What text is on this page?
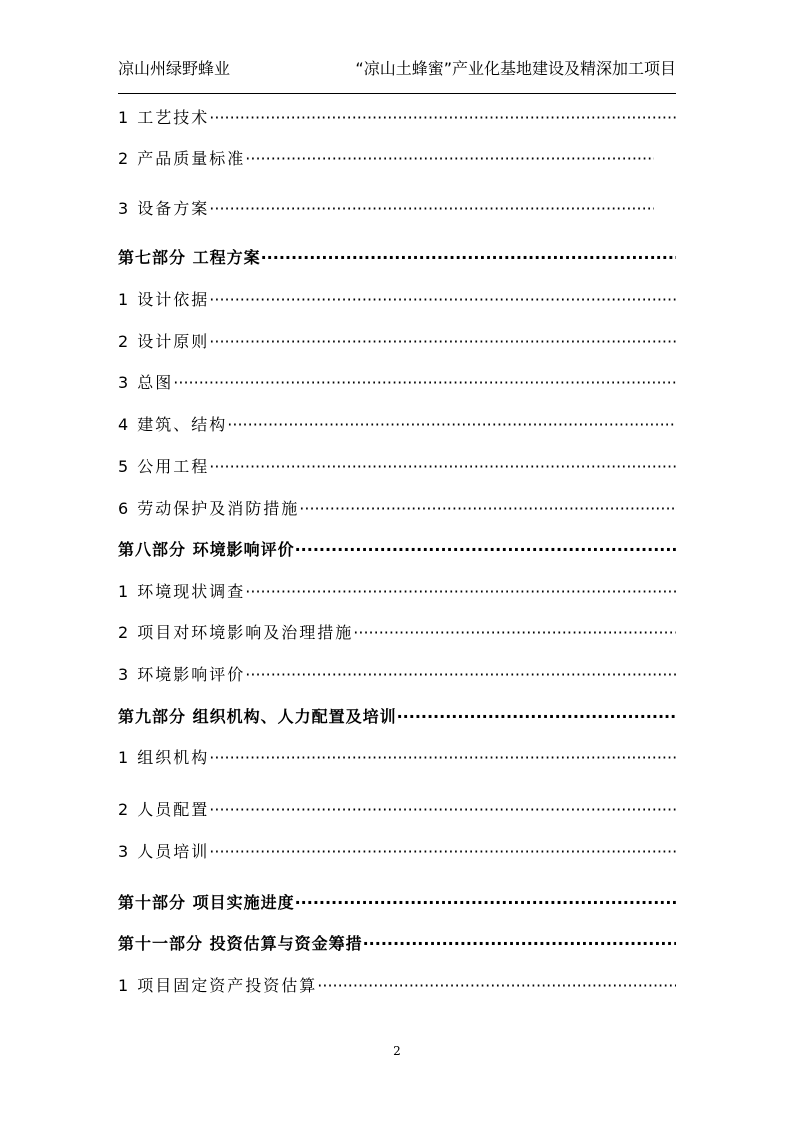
凉山州绿野蜂业	“凉山土蜂蜜”产业化基地建设及精深加工项目
1 工艺技术
·····
2 产品质量标准
·····
3 设备方案
·····
第七部分 工程方案
·····
1 设计依据
·····
2 设计原则
·····
3 总图
·····
4 建筑、结构
·····
5 公用工程
·····
6 劳动保护及消防措施
·····
第八部分 环境影响评价
·····
1 环境现状调查
·····
2 项目对环境影响及治理措施
·····
3 环境影响评价
·····
第九部分 组织机构、人力配置及培训
·····
1 组织机构
·····
2 人员配置
·····
3 人员培训
·····
第十部分 项目实施进度
·····
第十一部分 投资估算与资金筹措
·····
1 项目固定资产投资估算
·····
2
